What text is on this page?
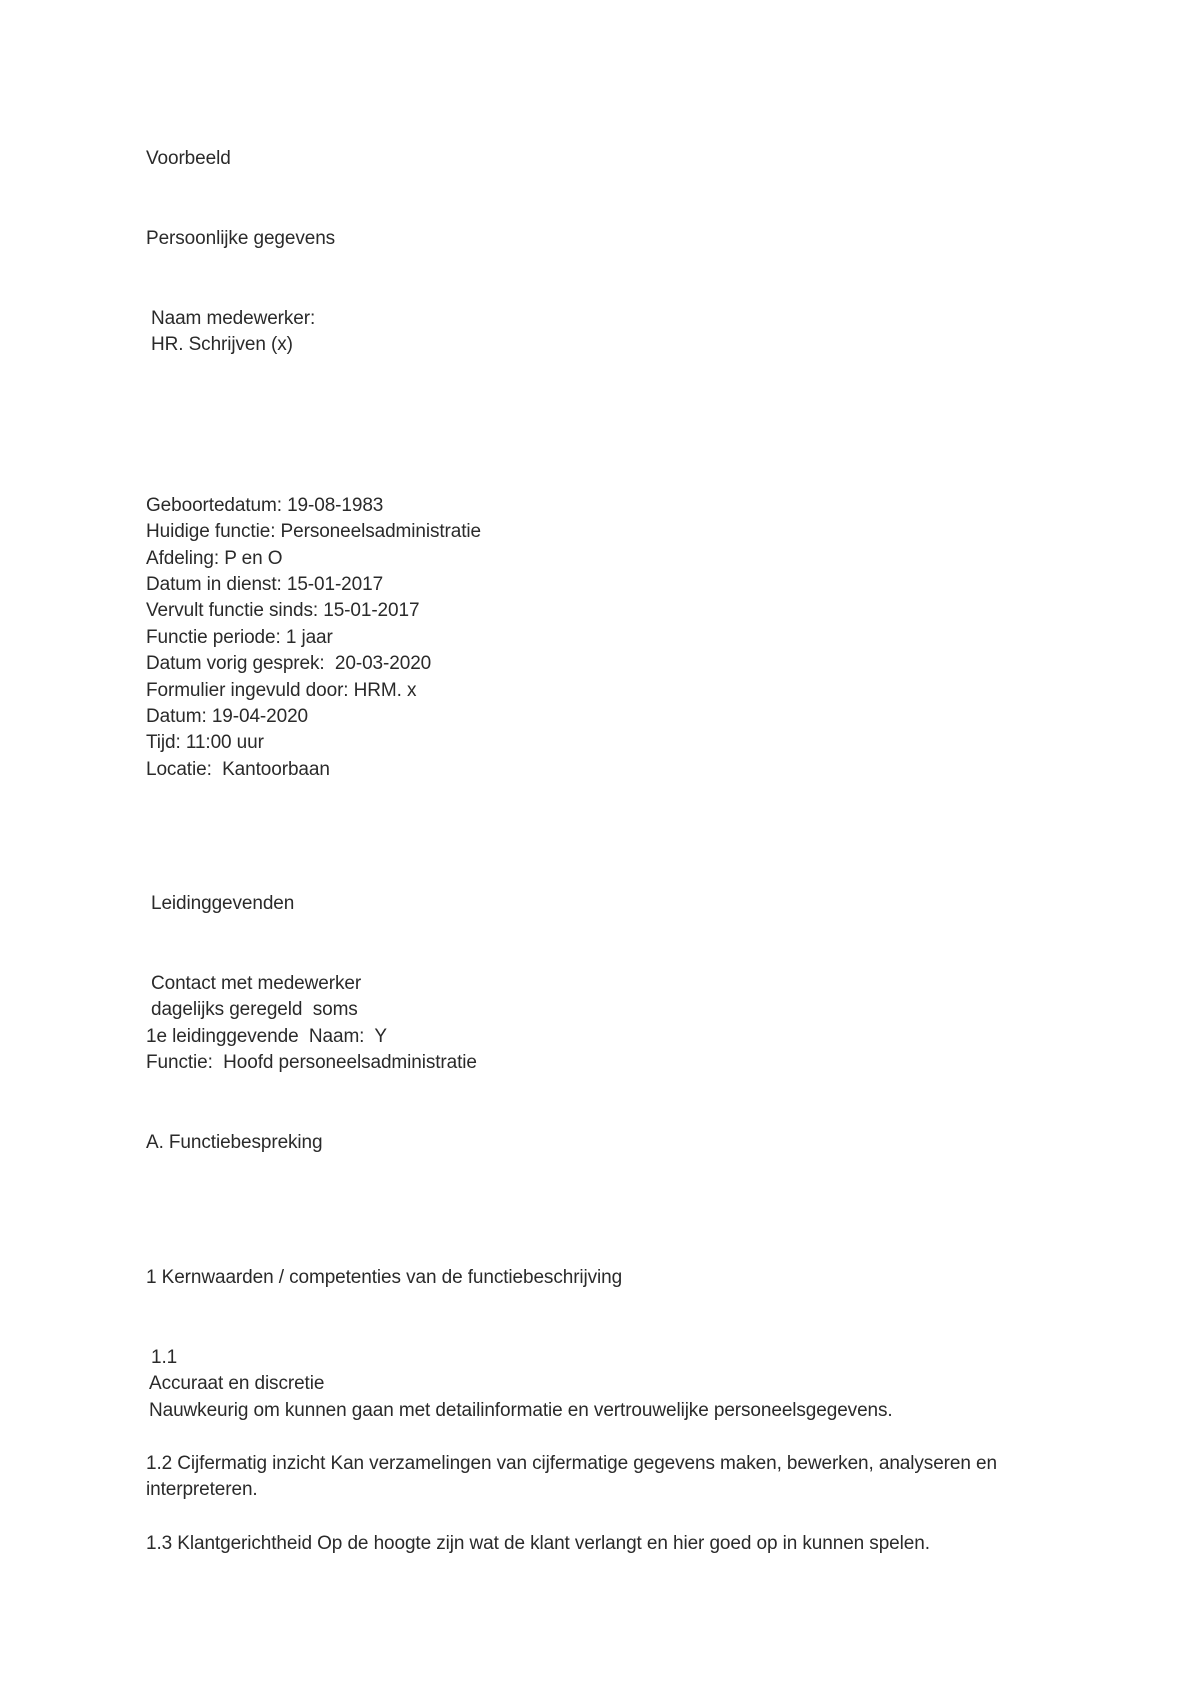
Voorbeeld
Persoonlijke gegevens
Naam medewerker:
HR. Schrijven (x)
Geboortedatum: 19-08-1983
Huidige functie: Personeelsadministratie
Afdeling: P en O
Datum in dienst: 15-01-2017
Vervult functie sinds: 15-01-2017
Functie periode: 1 jaar
Datum vorig gesprek:  20-03-2020
Formulier ingevuld door: HRM. x
Datum: 19-04-2020
Tijd: 11:00 uur
Locatie:  Kantoorbaan
Leidinggevenden
Contact met medewerker
dagelijks geregeld  soms
1e leidinggevende  Naam:  Y
Functie:  Hoofd personeelsadministratie
A. Functiebespreking
1 Kernwaarden / competenties van de functiebeschrijving
1.1
Accuraat en discretie
Nauwkeurig om kunnen gaan met detailinformatie en vertrouwelijke personeelsgegevens.
1.2 Cijfermatig inzicht Kan verzamelingen van cijfermatige gegevens maken, bewerken, analyseren en interpreteren.
1.3 Klantgerichtheid Op de hoogte zijn wat de klant verlangt en hier goed op in kunnen spelen.
